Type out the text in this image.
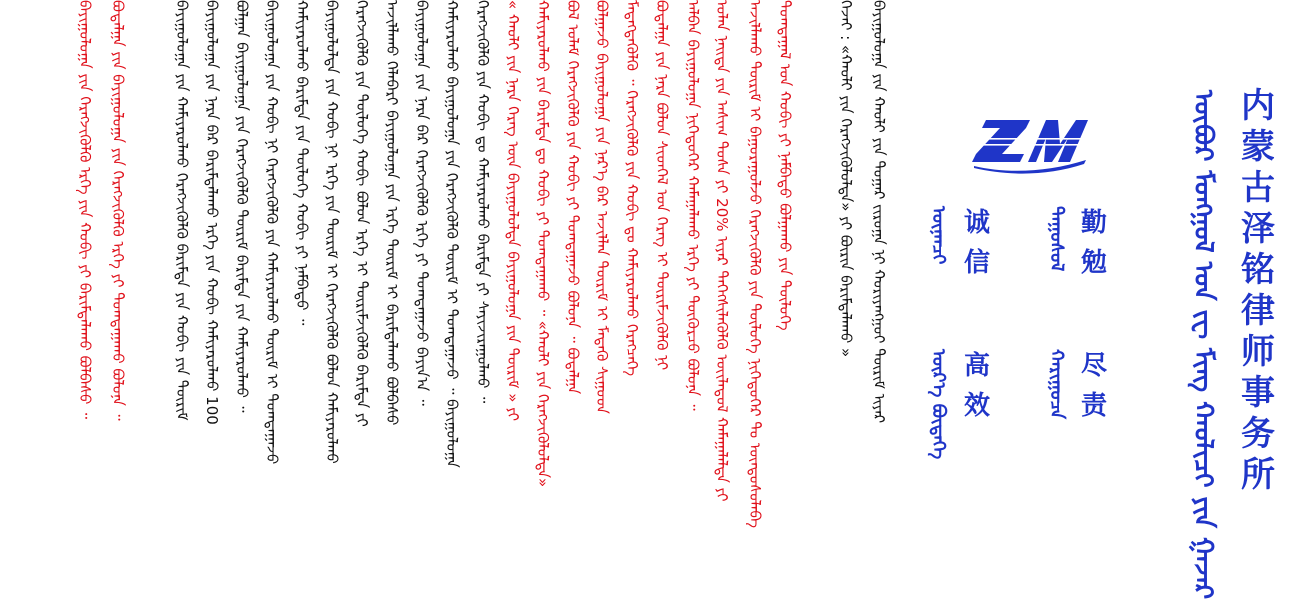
ᠪᠠᠶᠢᠭᠤᠯᠤᠭᠠ ᠶᠢᠨ ᠬᠠᠤᠯᠢ ᠶᠢᠨ ᠳᠤᠭᠠᠷ ᠵᠢᠷᠤᠭᠠ ᠨᠢ ᠬᠤᠷᠢᠶᠠᠩᠭᠤᠢ ᠳᠦᠷᠢᠮ ᠢᠶᠡᠷ
ᠭᠡᠵᠡᠢ : «ᠬᠠᠤᠯᠢ ᠶᠢᠨ ᠬᠡᠷᠡᠭᠵᠢᠭᠦᠯᠦᠯᠲᠡ» ᠶᠢ ᠪᠦᠷᠢᠨ ᠪᠠᠷᠢᠮᠲᠠᠯᠠᠬᠤ »
ᠲᠣᠭᠲᠠᠭᠠᠯ ᠤᠨ ᠬᠤᠪᠢ ᠶᠢ ᠨᠠᠮᠪᠠᠲᠤ ᠪᠣᠯᠭᠠᠬᠤ ᠶᠢᠨ ᠲᠥᠯᠥᠭᠡ
ᠠᠵᠢᠯᠯᠠᠬᠤ ᠳᠦᠷᠢᠮ ᠢ ᠪᠠᠭᠤᠷᠠᠭᠤᠯᠵᠤ ᠬᠡᠷᠡᠭᠵᠢᠭᠦᠯᠬᠦ ᠶᠢᠨ ᠲᠥᠯᠥᠭᠡ ᠨᠢᠭᠡᠳᠦᠭᠡᠷ ᠲᠤ ᠦᠨᠳᠦᠰᠦᠯᠡᠪᠡ
ᠣᠯᠠᠨ ᠨᠡᠢᠲᠡ ᠶᠢᠨ ᠠᠰᠢᠭ ᠲᠤᠰᠠ ᠶᠢ 20% ᠢᠶᠡᠷ ᠳᠡᠭᠡᠭᠰᠢᠯᠡᠭᠦᠯᠬᠦ ᠦᠢᠯᠡᠳᠦᠯ ᠬᠠᠮᠠᠭᠠᠯᠠᠯᠲᠠ ᠶᠢ
ᠠᠯᠪᠠᠨ ᠪᠠᠶᠢᠭᠤᠯᠤᠭᠠ ᠨᠢᠭᠡᠳᠦᠭᠡᠷ ᠬᠠᠮᠠᠭᠠᠯᠠᠬᠤ ᠡᠷᠬᠡ ᠶᠢ ᠳᠦᠭᠦᠷᠴᠦ ᠪᠣᠯᠤᠨᠠ ᠃
ᠪᠣᠳᠠᠯᠭᠠ ᠶᠢᠨ ᠨᠡᠷᠡ ᠪᠣᠯᠤᠨ ᠰᠢᠳᠬᠡᠯ ᠤᠨ ᠬᠡᠷᠡᠭ ᠢ ᠳᠦᠷᠢᠮᠵᠢᠭᠦᠯᠬᠦ ᠨᠢ
ᠮᠡᠳᠡᠭᠳᠡᠭᠦᠯᠬᠦ ᠃ ᠬᠡᠷᠡᠭᠵᠢᠭᠦᠯᠬᠦ ᠶᠢᠨ ᠬᠤᠪᠢ ᠳᠤ ᠬᠠᠮᠢᠶᠠᠷᠤᠯᠬᠤ ᠬᠡᠷᠡᠭᠴᠡᠭᠡ
ᠪᠣᠯᠭᠠᠵᠤ ᠪᠠᠶᠢᠭᠤᠯᠤᠭᠠ ᠶᠢᠨ ᠨᠡᠷ᠎ᠡ ᠪᠡᠷ ᠠᠵᠢᠯᠯᠠᠨ ᠳᠦᠷᠢᠮ ᠢ ᠮᠡᠳᠡᠬᠦ ᠰᠢᠭᠤᠳ
ᠪᠣᠯ ᠤᠯᠠᠮ ᠬᠡᠷᠡᠭᠵᠢᠭᠦᠯᠬᠦ ᠶᠢᠨ ᠬᠤᠪᠢ ᠶᠢ ᠲᠣᠭᠲᠠᠭᠠᠵᠤ ᠪᠣᠯᠤᠨᠠ ᠃ ᠪᠣᠳᠠᠯᠭᠠ
ᠬᠠᠮᠢᠶᠠᠷᠤᠯᠬᠤ ᠶᠢᠨ ᠪᠠᠷᠢᠮᠲᠠ ᠳᠤ ᠬᠤᠪᠢ ᠶᠢ ᠲᠣᠭᠲᠠᠭᠠᠬᠤ ᠃ «ᠬᠠᠤᠯᠢ ᠶᠢᠨ ᠬᠡᠷᠡᠭᠵᠢᠭᠦᠯᠦᠯᠲᠡ»
« ᠬᠠᠤᠯᠢ ᠶᠢᠨ ᠨᠡᠷᠡ ᠬᠡᠷᠡᠭ ᠦᠨ ᠪᠠᠶᠢᠭᠤᠯᠤᠯᠲᠠ ᠪᠠᠶᠢᠭᠤᠯᠤᠭᠠ ᠶᠢᠨ ᠳᠦᠷᠢᠮ » ᠶᠢ
ᠬᠡᠷᠡᠭᠵᠢᠭᠦᠯᠬᠦ ᠶᠢᠨ ᠬᠤᠪᠢ ᠳᠤ ᠬᠠᠮᠢᠶᠠᠷᠤᠯᠬᠤ ᠪᠠᠷᠢᠮᠲᠠ ᠶᠢ ᠰᠠᠶᠢᠵᠢᠷᠠᠭᠤᠯᠬᠤ ᠃
ᠬᠠᠮᠢᠶᠠᠷᠤᠯᠬᠤ ᠪᠠᠶᠢᠭᠤᠯᠤᠭᠠ ᠶᠢᠨ ᠬᠡᠷᠡᠭᠵᠢᠭᠦᠯᠬᠦ ᠳᠦᠷᠢᠮ ᠢ ᠲᠣᠭᠲᠠᠭᠠᠵᠤ ᠃ ᠪᠠᠶᠢᠭᠤᠯᠤᠭᠠ
ᠪᠠᠶᠢᠭᠤᠯᠤᠭᠠ ᠶᠢᠨ ᠨᠡᠷᠡ ᠪᠡᠷ ᠬᠡᠷᠡᠭᠵᠢᠭᠦᠯᠬᠦ ᠡᠷᠬᠡ ᠶᠢ ᠲᠣᠭᠲᠠᠭᠠᠵᠤ ᠪᠠᠶᠢᠨ᠎ᠠ ᠃
ᠠᠵᠢᠯᠯᠠᠬᠤ ᠬᠡᠯᠡᠪᠡᠷᠢ ᠪᠠᠶᠢᠭᠤᠯᠤᠭᠠ ᠶᠢᠨ ᠡᠷᠬᠡ ᠳᠦᠷᠢᠮ ᠢ ᠪᠠᠷᠢᠮᠲᠠᠯᠠᠬᠤ ᠪᠣᠯᠪᠠᠰᠤ
ᠬᠡᠷᠡᠭᠵᠢᠭᠦᠯᠬᠦ ᠶᠢᠨ ᠲᠥᠯᠥᠭᠡ ᠬᠤᠪᠢ ᠪᠣᠯᠤᠨ ᠡᠷᠬᠡ ᠢ ᠳᠦᠷᠢᠮᠵᠢᠭᠦᠯᠬᠦ ᠪᠠᠷᠢᠮᠲᠠ ᠶᠢ
ᠪᠠᠶᠢᠭᠤᠯᠤᠯᠲᠠ ᠶᠢᠨ ᠬᠤᠪᠢ ᠨᠢ ᠡᠷᠬᠡ ᠶᠢᠨ ᠳᠦᠷᠢᠮ ᠢ ᠬᠡᠷᠡᠭᠵᠢᠭᠦᠯᠬᠦ ᠪᠣᠯᠤᠨ ᠬᠠᠮᠢᠶᠠᠷᠤᠯᠬᠤ
ᠬᠠᠮᠢᠶᠠᠷᠤᠯᠬᠤ ᠪᠠᠷᠢᠮᠲᠠ ᠶᠢᠨ ᠲᠥᠯᠥᠭᠡ ᠬᠤᠪᠢ ᠶᠢ ᠨᠠᠮᠪᠠᠲᠤ ᠃
ᠪᠠᠶᠢᠭᠤᠯᠤᠭᠠ ᠶᠢᠨ ᠬᠤᠪᠢ ᠨᠢ ᠬᠡᠷᠡᠭᠵᠢᠭᠦᠯᠬᠦ ᠶᠢᠨ ᠬᠠᠮᠢᠶᠠᠷᠤᠯᠬᠤ ᠳᠦᠷᠢᠮ ᠢ ᠲᠣᠭᠲᠠᠭᠠᠵᠤ
ᠪᠣᠯᠭᠠᠨ ᠪᠠᠶᠢᠭᠤᠯᠤᠭᠠ ᠶᠢᠨ ᠬᠡᠷᠡᠭᠵᠢᠭᠦᠯᠬᠦ ᠳᠦᠷᠢᠮ ᠪᠠᠷᠢᠮᠲᠠ ᠶᠢᠨ ᠬᠠᠮᠢᠶᠠᠷᠤᠯᠬᠤ ᠃
ᠪᠠᠶᠢᠭᠤᠯᠤᠭᠠ ᠶᠢᠨ ᠨᠡᠷᠡ ᠪᠡᠷ ᠪᠠᠷᠢᠮᠲᠠᠯᠠᠬᠤ ᠡᠷᠬᠡ ᠶᠢᠨ ᠬᠤᠪᠢ ᠬᠠᠮᠢᠶᠠᠷᠤᠯᠬᠤ 100
ᠪᠠᠶᠢᠭᠤᠯᠤᠭᠠ ᠶᠢᠨ ᠬᠠᠮᠢᠶᠠᠷᠤᠯᠬᠤ ᠬᠡᠷᠡᠭᠵᠢᠭᠦᠯᠬᠦ ᠪᠠᠷᠢᠮᠲᠠ ᠶᠢᠨ ᠬᠤᠪᠢ ᠶᠢᠨ ᠳᠦᠷᠢᠮ
ᠪᠣᠳᠠᠯᠭᠠ ᠶᠢᠨ ᠪᠠᠶᠢᠭᠤᠯᠤᠭᠠ ᠶᠢᠨ ᠬᠡᠷᠡᠭᠵᠢᠭᠦᠯᠬᠦ ᠡᠷᠬᠡ ᠶᠢ ᠲᠣᠭᠲᠠᠭᠠᠬᠤ ᠪᠣᠯᠤᠨᠠ ᠃
ᠪᠠᠶᠢᠭᠤᠯᠤᠭᠠ ᠶᠢᠨ ᠬᠡᠷᠡᠭᠵᠢᠭᠦᠯᠬᠦ ᠡᠷᠬᠡ ᠶᠢᠨ ᠬᠤᠪᠢ ᠶᠢ ᠪᠠᠷᠢᠮᠲᠠᠯᠠᠬᠤ ᠪᠣᠯᠪᠠᠰᠤ ᠃	ᠲᠠᠭᠤᠰᠤᠯ 勤勉
ᠦᠨᠡᠨᠴᠢ 诚信
ᠬᠠᠷᠢᠭᠤᠴᠠ 尽责
ᠦᠷ᠎ᠡ ᠪᠦᠲᠡᠭᠡ 高效	ᠥᠪᠦᠷ ᠮᠣᠩᠭᠣᠯ ᠤᠨ ᠵᠧ ᠮᠢᠩ ᠬᠠᠤᠯᠢᠴᠢ ᠶᠢᠨ ᠭᠠᠵᠠᠷ 内蒙古泽铭律师事务所
